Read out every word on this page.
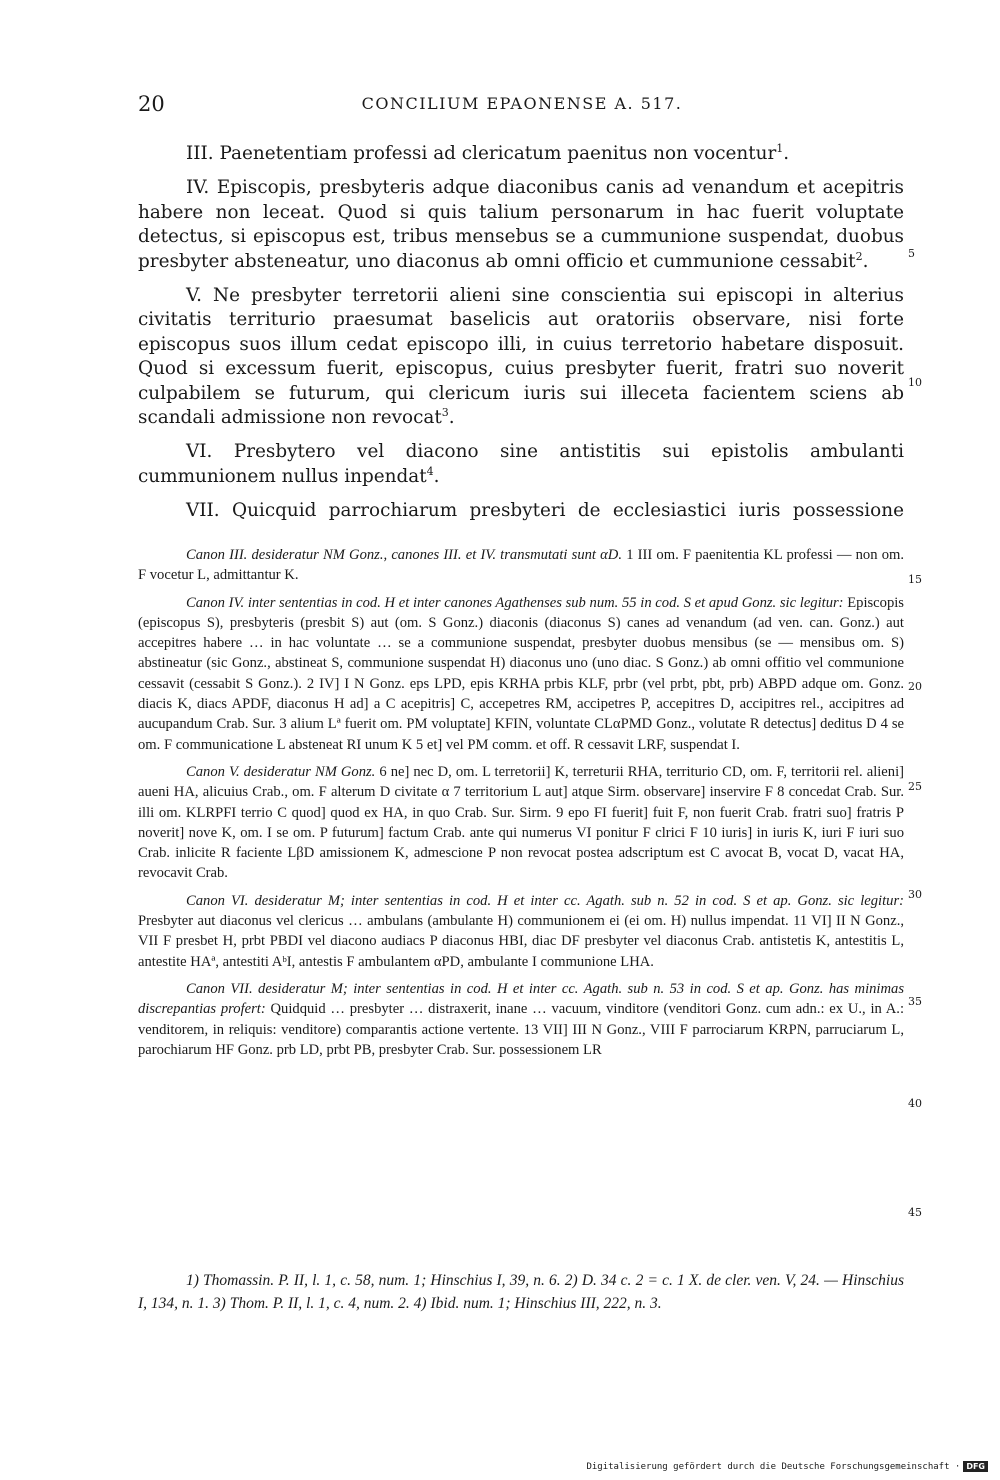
20	CONCILIUM EPAONENSE A. 517.

III. Paenetentiam professi ad clericatum paenitus non vocentur$^1$.

IV. Episcopis, presbyteris adque diaconibus canis ad venandum et acepitris habere non leceat. Quod si quis talium personarum in hac fuerit voluptate detectus, si episcopus est, tribus mensebus se a cummunione suspendat, duobus presbyter absteneatur, uno diaconus ab omni officio et cummunione cessabit$^2$.

V. Ne presbyter terretorii alieni sine conscientia sui episcopi in alterius civitatis territurio praesumat baselicis aut oratoriis observare, nisi forte episcopus suos illum cedat episcopo illi, in cuius terretorio habetare disposuit. Quod si excessum fuerit, episcopus, cuius presbyter fuerit, fratri suo noverit culpabilem se futurum, qui clericum iuris sui illeceta facientem sciens ab scandali admissione non revocat$^3$.

VI. Presbytero vel diacono sine antistitis sui epistolis ambulanti cummunionem nullus inpendat$^4$.

VII. Quicquid parrochiarum presbyteri de ecclesiastici iuris possessione

Canon III. desideratur NM Gonz., canones III. et IV. transmutati sunt αD. 1 III om. F paenitentia KL professi — non om. F vocetur L, admittantur K.

Canon IV. inter sententias in cod. H et inter canones Agathenses sub num. 55 in cod. S et apud Gonz. sic legitur: Episcopis (episcopus S), presbyteris (presbit S) aut (om. S Gonz.) diaconis (diaconus S) canes ad venandum (ad ven. can. Gonz.) aut accepitres habere … in hac voluntate … se a communione suspendat, presbyter duobus mensibus (se — mensibus om. S) abstineatur (sic Gonz., abstineat S, communione suspendat H) diaconus uno (uno diac. S Gonz.) ab omni offitio vel communione cessavit (cessabit S Gonz.). 2 IV] I N Gonz. eps LPD, epis KRHA prbis KLF, prbr (vel prbt, pbt, prb) ABPD adque om. Gonz. diacis K, diacs APDF, diaconus H ad] a C acepitris] C, accepetres RM, accipetres P, accepitres D, accipitres rel., accipitres ad aucupandum Crab. Sur. 3 alium Lª fuerit om. PM voluptate] KFIN, voluntate CLαPMD Gonz., volutate R detectus] deditus D 4 se om. F communicatione L absteneat RI unum K 5 et] vel PM comm. et off. R cessavit LRF, suspendat I.

Canon V. desideratur NM Gonz. 6 ne] nec D, om. L terretorii] K, terreturii RHA, territurio CD, om. F, territorii rel. alieni] aueni HA, alicuius Crab., om. F alterum D civitate α 7 territorium L aut] atque Sirm. observare] inservire F 8 concedat Crab. Sur. illi om. KLRPFI terrio C quod] quod ex HA, in quo Crab. Sur. Sirm. 9 epo FI fuerit] fuit F, non fuerit Crab. fratri suo] fratris P noverit] nove K, om. I se om. P futurum] factum Crab. ante qui numerus VI ponitur F clrici F 10 iuris] in iuris K, iuri F iuri suo Crab. inlicite R faciente LβD amissionem K, admescione P non revocat postea adscriptum est C avocat B, vocat D, vacat HA, revocavit Crab.

Canon VI. desideratur M; inter sententias in cod. H et inter cc. Agath. sub n. 52 in cod. S et ap. Gonz. sic legitur: Presbyter aut diaconus vel clericus … ambulans (ambulante H) communionem ei (ei om. H) nullus impendat. 11 VI] II N Gonz., VII F presbet H, prbt PBDI vel diacono audiacs P diaconus HBI, diac DF presbyter vel diaconus Crab. antistetis K, antestitis L, antestite HAª, antestiti AᵇI, antestis F ambulantem αPD, ambulante I communione LHA.

Canon VII. desideratur M; inter sententias in cod. H et inter cc. Agath. sub n. 53 in cod. S et ap. Gonz. has minimas discrepantias profert: Quidquid … presbyter … distraxerit, inane … vacuum, vinditore (venditori Gonz. cum adn.: ex U., in A.: venditorem, in reliquis: venditore) comparantis actione vertente. 13 VII] III N Gonz., VIII F parrociarum KRPN, parruciarum L, parochiarum HF Gonz. prb LD, prbt PB, presbyter Crab. Sur. possessionem LR

1) Thomassin. P. II, l. 1, c. 58, num. 1; Hinschius I, 39, n. 6. 2) D. 34 c. 2 = c. 1 X. de cler. ven. V, 24. — Hinschius I, 134, n. 1. 3) Thom. P. II, l. 1, c. 4, num. 2. 4) Ibid. num. 1; Hinschius III, 222, n. 3.

5
10
15
20
25
30
35
40
45
Digitalisierung gefördert durch die Deutsche Forschungsgemeinschaft · DFG
